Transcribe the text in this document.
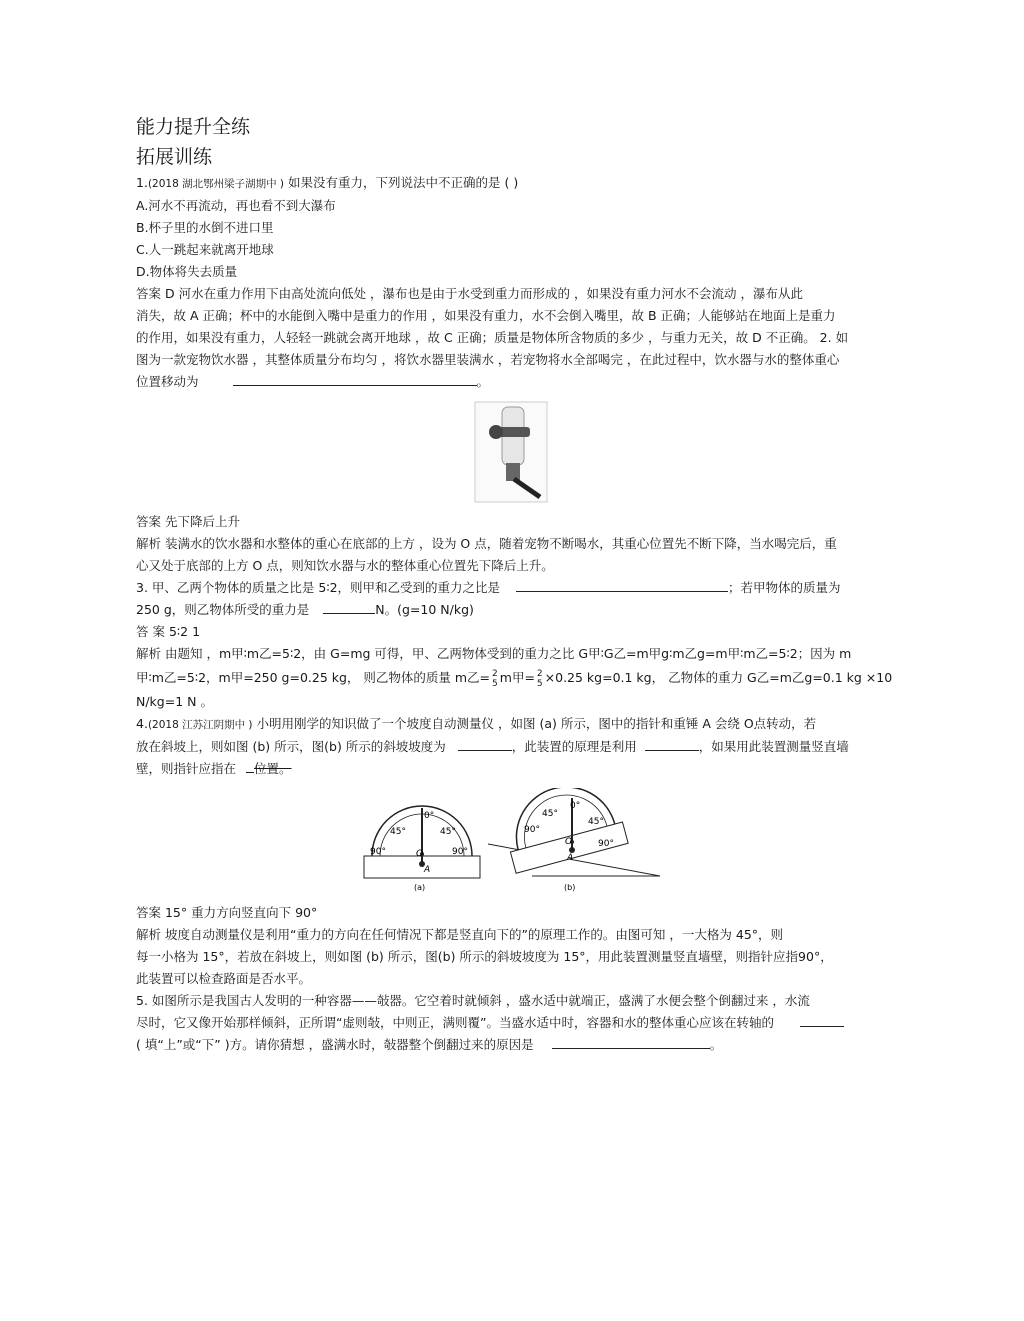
能力提升全练
拓展训练
1.(2018 湖北鄂州梁子湖期中 ) 如果没有重力，下列说法中不正确的是 ( )
A.河水不再流动，再也看不到大瀑布
B.杯子里的水倒不进口里
C.人一跳起来就离开地球
D.物体将失去质量
答案 D 河水在重力作用下由高处流向低处 ，瀑布也是由于水受到重力而形成的 ，如果没有重力河水不会流动 ，瀑布从此
消失，故 A 正确；杯中的水能倒入嘴中是重力的作用 ，如果没有重力，水不会倒入嘴里，故 B 正确；人能够站在地面上是重力
的作用，如果没有重力，人轻轻一跳就会离开地球 ，故 C 正确；质量是物体所含物质的多少 ，与重力无关，故 D 不正确。 2. 如
图为一款宠物饮水器 ，其整体质量分布均匀 ，将饮水器里装满水 ，若宠物将水全部喝完 ，在此过程中，饮水器与水的整体重心
位置移动为	。
答案 先下降后上升
解析 装满水的饮水器和水整体的重心在底部的上方 ，设为 O 点，随着宠物不断喝水，其重心位置先不断下降，当水喝完后，重
心又处于底部的上方 O 点，则知饮水器与水的整体重心位置先下降后上升。
3. 甲、乙两个物体的质量之比是 5∶2，则甲和乙受到的重力之比是	；若甲物体的质量为
250 g，则乙物体所受的重力是	N。(g=10 N/kg)
答 案 5∶2 1
解析 由题知 ，m甲∶m乙=5∶2，由 G=mg 可得，甲、乙两物体受到的重力之比 G甲∶G乙=m甲g∶m乙g=m甲∶m乙=5∶2；因为 m
甲∶m乙=5∶2，m甲=250 g=0.25 kg， 则乙物体的质量 m乙= 2
5 m甲= 2
5 ×0.25 kg=0.1 kg， 乙物体的重力 G乙=m乙g=0.1 kg ×10
N/kg=1 N 。
4.(2018 江苏江阴期中 ) 小明用刚学的知识做了一个坡度自动测量仪 ，如图 (a) 所示，图中的指针和重锤 A 会绕 O点转动，若
放在斜坡上，则如图 (b) 所示，图(b) 所示的斜坡坡度为	，此装置的原理是利用	，如果用此装置测量竖直墙
壁，则指针应指在 位置。
0°
45°	45°
90°	90°
O
A
(a)
0°
45°
45°
90°
90°
O
A
(b)
答案 15° 重力方向竖直向下 90°
解析 坡度自动测量仪是利用“重力的方向在任何情况下都是竖直向下的”的原理工作的。由图可知 ，一大格为 45°，则
每一小格为 15°，若放在斜坡上，则如图 (b) 所示，图(b) 所示的斜坡坡度为 15°，用此装置测量竖直墙壁，则指针应指90°，
此装置可以检查路面是否水平。
5. 如图所示是我国古人发明的一种容器——敧器。它空着时就倾斜 ，盛水适中就端正，盛满了水便会整个倒翻过来 ，水流
尽时，它又像开始那样倾斜，正所谓“虚则敧，中则正，满则覆”。当盛水适中时，容器和水的整体重心应该在转轴的
( 填“上”或“下” )方。请你猜想 ，盛满水时，敧器整个倒翻过来的原因是	。
